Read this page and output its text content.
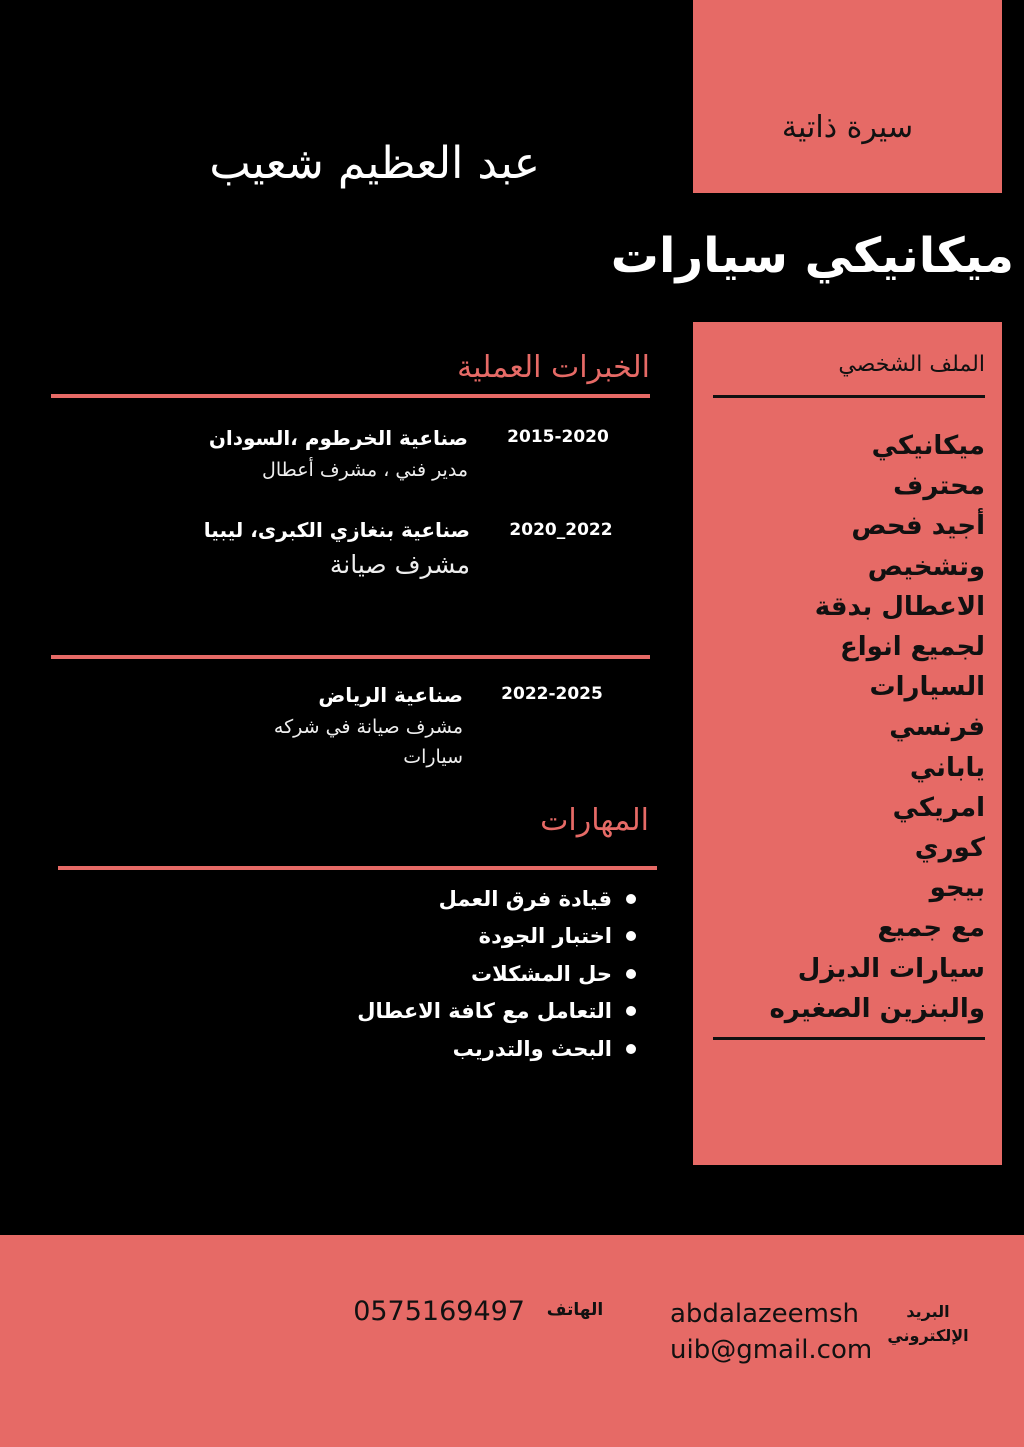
سيرة ذاتية
عبد العظيم شعيب
ميكانيكي سيارات
الملف الشخصي
ميكانيكي
محترف
أجيد فحص
وتشخيص
الاعطال بدقة
لجميع انواع
السيارات
فرنسي
ياباني
امريكي
كوري
بيجو
مع جميع
سيارات الديزل
والبنزين الصغيره
الخبرات العملية
2015-2020
صناعية الخرطوم ،السودان
مدير فني ، مشرف أعطال
2020_2022
صناعية بنغازي الكبرى، ليبيا
مشرف صيانة
2022-2025
صناعية الرياض
مشرف صيانة في شركه
سيارات
المهارات
قيادة فرق العمل
اختبار الجودة
حل المشكلات
التعامل مع كافة الاعطال
البحث والتدريب
0575169497	الهاتف	abdalazeemshuib@gmail.com
البريد الإلكتروني
